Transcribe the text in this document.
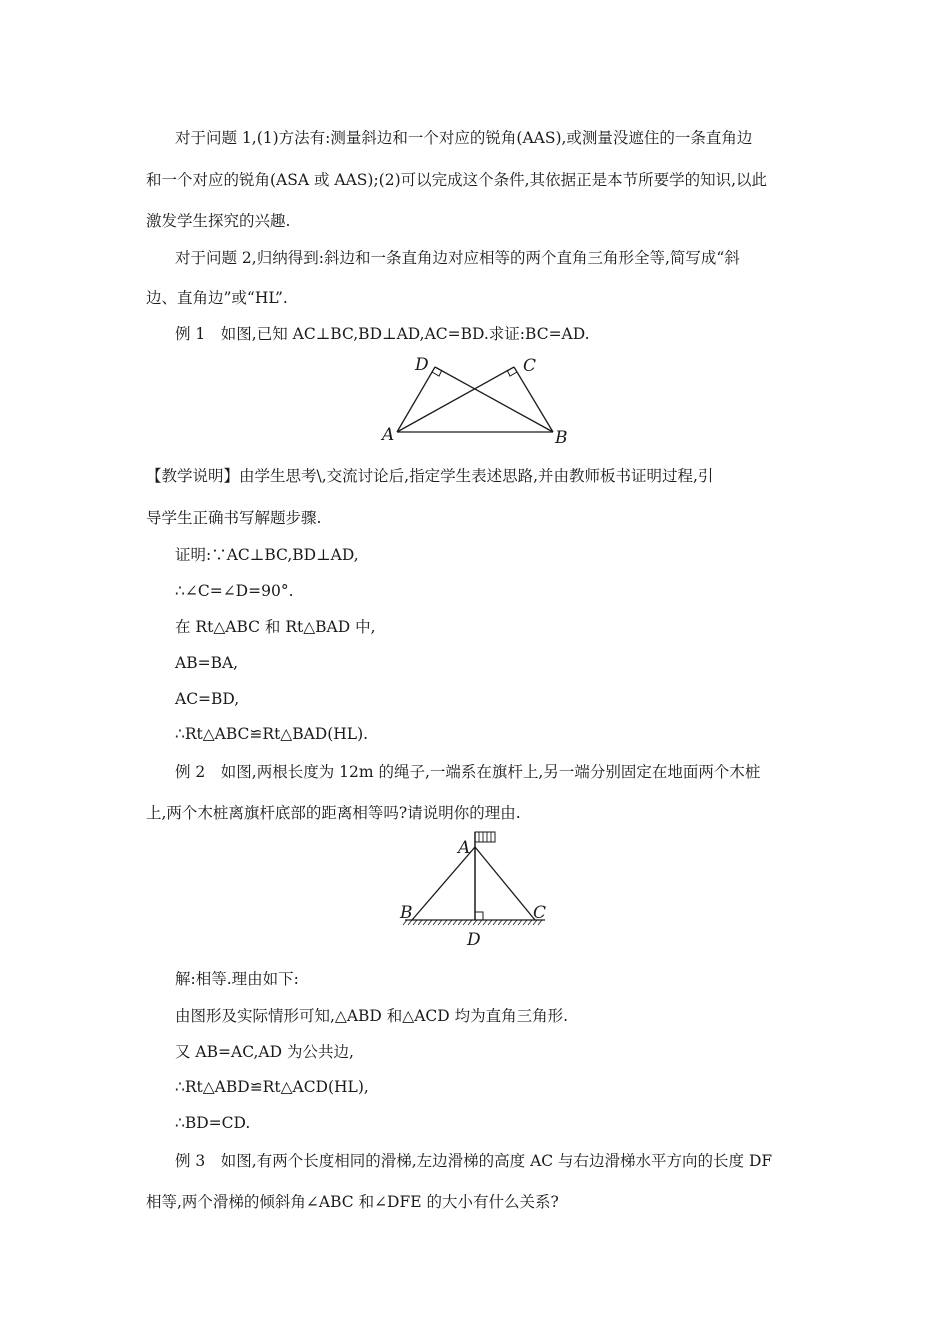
对于问题 1,(1)方法有:测量斜边和一个对应的锐角(AAS),或测量没遮住的一条直角边
和一个对应的锐角(ASA 或 AAS);(2)可以完成这个条件,其依据正是本节所要学的知识,以此
激发学生探究的兴趣.
对于问题 2,归纳得到:斜边和一条直角边对应相等的两个直角三角形全等,简写成“斜
边、直角边”或“HL”.
例 1　如图,已知 AC⊥BC,BD⊥AD,AC=BD.求证:BC=AD.
D	C
A	B
【教学说明】由学生思考\,交流讨论后,指定学生表述思路,并由教师板书证明过程,引
导学生正确书写解题步骤.
证明:∵AC⊥BC,BD⊥AD,
∴∠C=∠D=90°.
在 Rt△ABC 和 Rt△BAD 中,
AB=BA,
AC=BD,
∴Rt△ABC≌Rt△BAD(HL).
例 2　如图,两根长度为 12m 的绳子,一端系在旗杆上,另一端分别固定在地面两个木桩
上,两个木桩离旗杆底部的距离相等吗?请说明你的理由.
A
B	C
D
解:相等.理由如下:
由图形及实际情形可知,△ABD 和△ACD 均为直角三角形.
又 AB=AC,AD 为公共边,
∴Rt△ABD≌Rt△ACD(HL),
∴BD=CD.
例 3　如图,有两个长度相同的滑梯,左边滑梯的高度 AC 与右边滑梯水平方向的长度 DF
相等,两个滑梯的倾斜角∠ABC 和∠DFE 的大小有什么关系?
